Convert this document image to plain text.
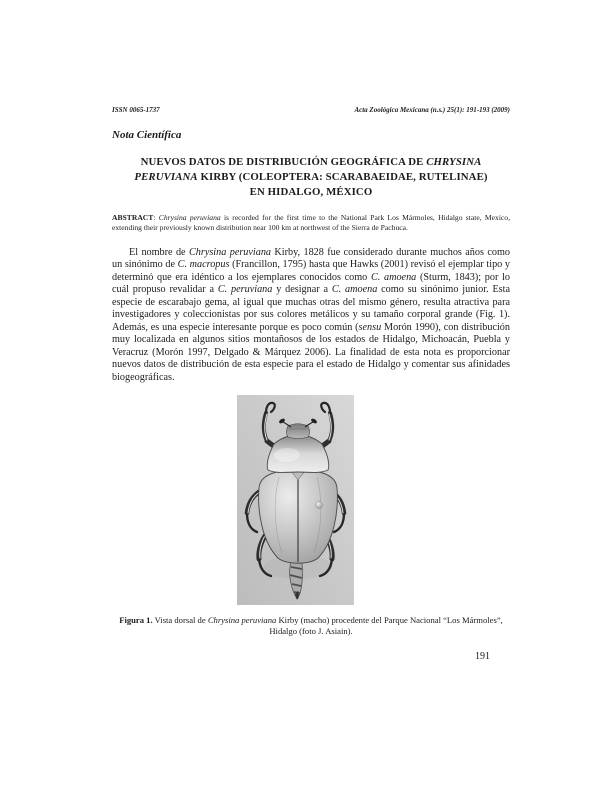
ISSN 0065-1737	Acta Zoológica Mexicana (n.s.) 25(1): 191-193 (2009)
Nota Científica
NUEVOS DATOS DE DISTRIBUCIÓN GEOGRÁFICA DE CHRYSINA
PERUVIANA KIRBY (COLEOPTERA: SCARABAEIDAE, RUTELINAE)
EN HIDALGO, MÉXICO
ABSTRACT: Chrysina peruviana is recorded for the first time to the National Park Los Mármoles, Hidalgo state, Mexico, extending their previously known distribution near 100 km at northwest of the Sierra de Pachuca.
El nombre de Chrysina peruviana Kirby, 1828 fue considerado durante muchos años como un sinónimo de C. macropus (Francillon, 1795) hasta que Hawks (2001) revisó el ejemplar tipo y determinó que era idéntico a los ejemplares conocidos como C. amoena (Sturm, 1843); por lo cuál propuso revalidar a C. peruviana y designar a C. amoena como su sinónimo junior. Esta especie de escarabajo gema, al igual que muchas otras del mismo género, resulta atractiva para investigadores y coleccionistas por sus colores metálicos y su tamaño corporal grande (Fig. 1). Además, es una especie interesante porque es poco común (sensu Morón 1990), con distribución muy localizada en algunos sitios montañosos de los estados de Hidalgo, Michoacán, Puebla y Veracruz (Morón 1997, Delgado & Márquez 2006). La finalidad de esta nota es proporcionar nuevos datos de distribución de esta especie para el estado de Hidalgo y comentar sus afinidades biogeográficas.
Figura 1. Vista dorsal de Chrysina peruviana Kirby (macho) procedente del Parque Nacional “Los Mármoles”, Hidalgo (foto J. Asiain).
191
